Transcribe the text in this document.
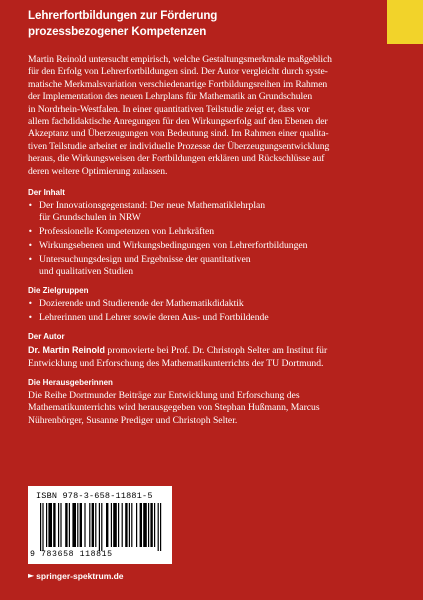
Lehrerfortbildungen zur Förderung
prozessbezogener Kompetenzen
Martin Reinold untersucht empirisch, welche Gestaltungsmerkmale maßgeblich
für den Erfolg von Lehrerfortbildungen sind. Der Autor vergleicht durch syste-
matische Merkmalsvariation verschiedenartige Fortbildungsreihen im Rahmen
der Implementation des neuen Lehrplans für Mathematik an Grundschulen
in Nordrhein-Westfalen. In einer quantitativen Teilstudie zeigt er, dass vor
allem fachdidaktische Anregungen für den Wirkungserfolg auf den Ebenen der
Akzeptanz und Überzeugungen von Bedeutung sind. Im Rahmen einer qualita-
tiven Teilstudie arbeitet er individuelle Prozesse der Überzeugungsentwicklung
heraus, die Wirkungsweisen der Fortbildungen erklären und Rückschlüsse auf
deren weitere Optimierung zulassen.
Der Inhalt
• Der Innovationsgegenstand: Der neue Mathematiklehrplan
für Grundschulen in NRW
• Professionelle Kompetenzen von Lehrkräften
• Wirkungsebenen und Wirkungsbedingungen von Lehrerfortbildungen
• Untersuchungsdesign und Ergebnisse der quantitativen
und qualitativen Studien
Die Zielgruppen
• Dozierende und Studierende der Mathematikdidaktik
• Lehrerinnen und Lehrer sowie deren Aus- und Fortbildende
Der Autor
Dr. Martin Reinold promovierte bei Prof. Dr. Christoph Selter am Institut für
Entwicklung und Erforschung des Mathematikunterrichts der TU Dortmund.
Die Herausgeberinnen
Die Reihe Dortmunder Beiträge zur Entwicklung und Erforschung des
Mathematikunterrichts wird herausgegeben von Stephan Hußmann, Marcus
Nührenbörger, Susanne Prediger und Christoph Selter.
ISBN 978-3-658-11881-5
9 783658 118815
► springer-spektrum.de
